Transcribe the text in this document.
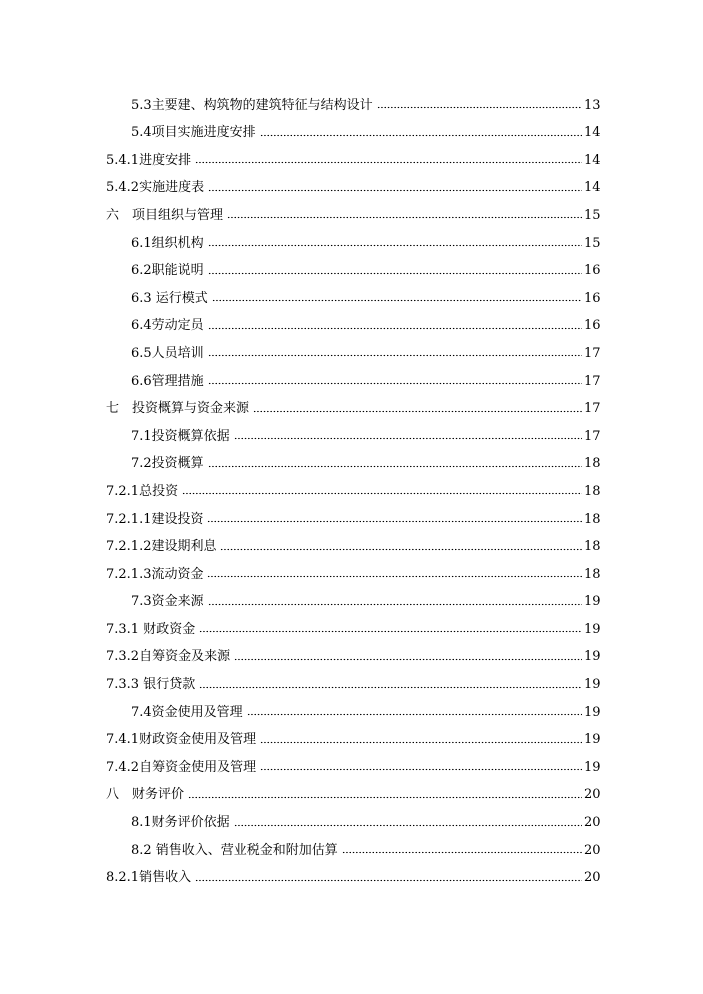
5.3主要建、构筑物的建筑特征与结构设计	13
5.4项目实施进度安排	14
5.4.1进度安排	14
5.4.2实施进度表	14
六　项目组织与管理	15
6.1组织机构	15
6.2职能说明	16
6.3 运行模式	16
6.4劳动定员	16
6.5人员培训	17
6.6管理措施	17
七　投资概算与资金来源	17
7.1投资概算依据	17
7.2投资概算	18
7.2.1总投资	18
7.2.1.1建设投资	18
7.2.1.2建设期利息	18
7.2.1.3流动资金	18
7.3资金来源	19
7.3.1 财政资金	19
7.3.2自筹资金及来源	19
7.3.3 银行贷款	19
7.4资金使用及管理	19
7.4.1财政资金使用及管理	19
7.4.2自筹资金使用及管理	19
八　财务评价	20
8.1财务评价依据	20
8.2 销售收入、营业税金和附加估算	20
8.2.1销售收入	20
